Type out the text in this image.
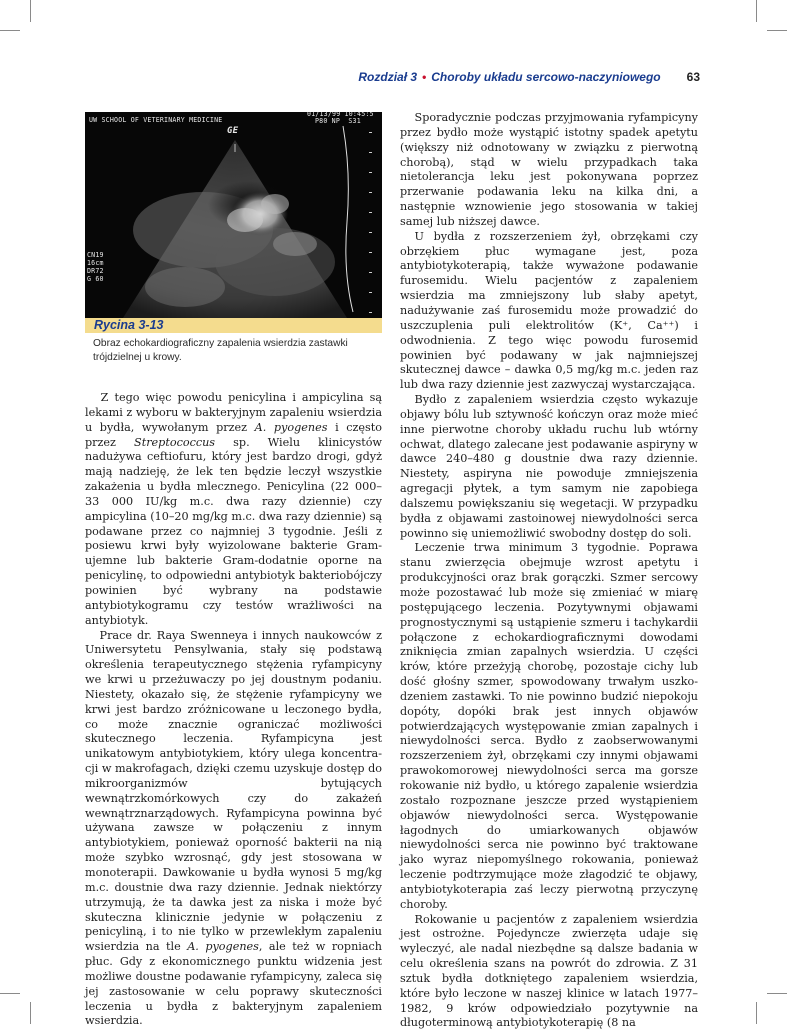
Rozdział 3 • Choroby układu sercowo-naczyniowego 63
UW SCHOOL OF VETERINARY MEDICINE
GE
01/13/99 10:45:5
P80 NP  S31
CN19
16cm
DR72
G 60
Rycina 3-13
Obraz echokardiograficzny zapalenia wsierdzia zastawki trójdzielnej u krowy.

Z tego więc powodu penicylina i ampicylina są lekami z wyboru w bakteryjnym zapaleniu wsierdzia u bydła, wywołanym przez A. pyogenes i często przez Streptococcus sp. Wielu klinicystów nadużywa ceftiofuru, który jest bardzo drogi, gdyż mają nadzieję, że lek ten będzie leczył wszystkie zakażenia u bydła mlecznego. Penicylina (22 000–33 000 IU/kg m.c. dwa razy dziennie) czy ampicylina (10–20 mg/kg m.c. dwa razy dziennie) są podawane przez co najmniej 3 tygodnie. Jeśli z posiewu krwi były wyizolowane bakterie Gram-ujemne lub bakterie Gram-dodatnie oporne na penicylinę, to odpowiedni antybiotyk bakteriobójczy powinien być wybrany na podstawie antybiotykogramu czy testów wrażliwości na antybiotyk.

Prace dr. Raya Swenneya i innych naukowców z Uniwersytetu Pensylwania, stały się podstawą określenia terapeutycznego stężenia ryfampicyny we krwi u przeżuwaczy po jej doustnym podaniu. Niestety, okazało się, że stężenie ryfampicyny we krwi jest bardzo zróżnicowane u leczonego bydła, co może znacznie ograniczać możliwości skutecznego leczenia. Ryfampicyna jest unikatowym antybiotykiem, który ulega koncentracji w makrofagach, dzięki czemu uzyskuje dostęp do mikroorganizmów bytujących wewnątrzkomórkowych czy do zakażeń wewnątrznarządowych. Ryfampicyna powinna być używana zawsze w połączeniu z innym antybiotykiem, ponieważ oporność bakterii na nią może szybko wzrosnąć, gdy jest stosowana w monoterapii. Dawkowanie u bydła wynosi 5 mg/kg m.c. doustnie dwa razy dziennie. Jednak niektórzy utrzymują, że ta dawka jest za niska i może być skuteczna klinicznie jedynie w połączeniu z penicyliną, i to nie tylko w przewlekłym zapaleniu wsierdzia na tle A. pyogenes, ale też w ropniach płuc. Gdy z ekonomicznego punktu widzenia jest możliwe doustne podawanie ryfampicyny, zaleca się jej zastosowanie w celu poprawy skuteczności leczenia u bydła z bakteryjnym zapaleniem wsierdzia.

Sporadycznie podczas przyjmowania ryfampicyny przez bydło może wystąpić istotny spadek apetytu (większy niż odnotowany w związku z pierwotną chorobą), stąd w wielu przypadkach taka nietolerancja leku jest pokonywana poprzez przerwanie podawania leku na kilka dni, a następnie wznowienie jego stosowania w takiej samej lub niższej dawce.

U bydła z rozszerzeniem żył, obrzękami czy obrzękiem płuc wymagane jest, poza antybiotykoterapią, także wyważone podawanie furosemidu. Wielu pacjentów z zapaleniem wsierdzia ma zmniejszony lub słaby apetyt, nadużywanie zaś furosemidu może prowadzić do uszczuplenia puli elektrolitów (K⁺, Ca⁺⁺) i odwodnienia. Z tego więc powodu furosemid powinien być podawany w jak najmniejszej skutecznej dawce – dawka 0,5 mg/kg m.c. jeden raz lub dwa razy dziennie jest zazwyczaj wystarczająca.

Bydło z zapaleniem wsierdzia często wykazuje objawy bólu lub sztywność kończyn oraz może mieć inne pierwotne choroby układu ruchu lub wtórny ochwat, dlatego zalecane jest podawanie aspiryny w dawce 240–480 g doustnie dwa razy dziennie. Niestety, aspiryna nie powoduje zmniejszenia agregacji płytek, a tym samym nie zapobiega dalszemu powiększaniu się wegetacji. W przypadku bydła z objawami zastoinowej niewydolności serca powinno się uniemożliwić swobodny dostęp do soli.

Leczenie trwa minimum 3 tygodnie. Poprawa stanu zwierzęcia obejmuje wzrost apetytu i produkcyjności oraz brak gorączki. Szmer sercowy może pozostawać lub może się zmieniać w miarę postępującego leczenia. Pozytywnymi objawami prognostycznymi są ustąpienie szmeru i tachykardii połączone z echokardiograficznymi dowodami zniknięcia zmian zapalnych wsierdzia. U części krów, które przeżyją chorobę, pozostaje cichy lub dość głośny szmer, spowodowany trwałym uszkodzeniem zastawki. To nie powinno budzić niepokoju dopóty, dopóki brak jest innych objawów potwierdzających występowanie zmian zapalnych i niewydolności serca. Bydło z zaobserwowanymi rozszerzeniem żył, obrzękami czy innymi objawami prawokomorowej niewydolności serca ma gorsze rokowanie niż bydło, u którego zapalenie wsierdzia zostało rozpoznane jeszcze przed wystąpieniem objawów niewydolności serca. Występowanie łagodnych do umiarkowanych objawów niewydolności serca nie powinno być traktowane jako wyraz niepomyślnego rokowania, ponieważ leczenie podtrzymujące może złagodzić te objawy, antybiotykoterapia zaś leczy pierwotną przyczynę choroby.

Rokowanie u pacjentów z zapaleniem wsierdzia jest ostrożne. Pojedyncze zwierzęta udaje się wyleczyć, ale nadal niezbędne są dalsze badania w celu określenia szans na powrót do zdrowia. Z 31 sztuk bydła dotkniętego zapaleniem wsierdzia, które było leczone w naszej klinice w latach 1977–1982, 9 krów odpowiedziało pozytywnie na długoterminową antybiotykoterapię (8 na
